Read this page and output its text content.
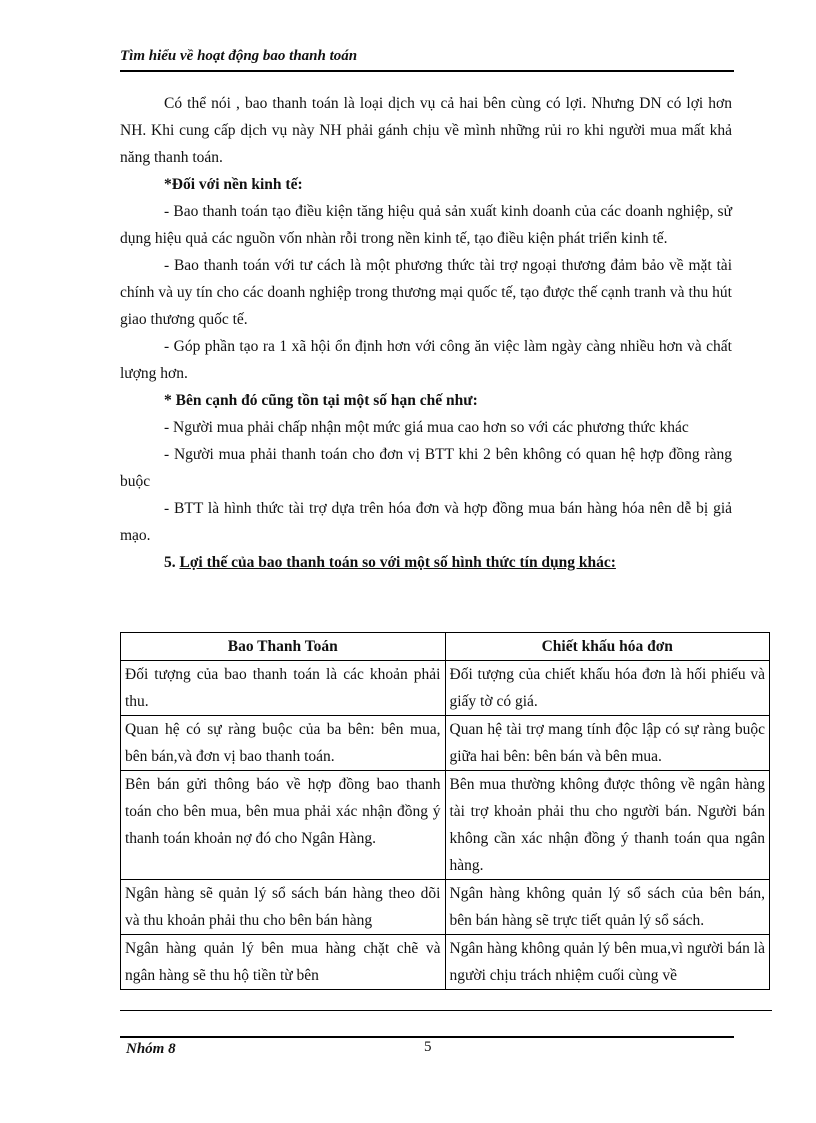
Tìm hiểu về hoạt động bao thanh toán

Có thể nói , bao thanh toán là loại dịch vụ cả hai bên cùng có lợi. Nhưng DN có lợi hơn NH. Khi cung cấp dịch vụ này NH phải gánh chịu về mình những rủi ro khi người mua mất khả năng thanh toán.

*Đối với nền kinh tế:

- Bao thanh toán tạo điều kiện tăng hiệu quả sản xuất kinh doanh của các doanh nghiệp, sử dụng hiệu quả các nguồn vốn nhàn rỗi trong nền kinh tế, tạo điều kiện phát triển kinh tế.

- Bao thanh toán với tư cách là một phương thức tài trợ ngoại thương đảm bảo về mặt tài chính và uy tín cho các doanh nghiệp trong thương mại quốc tế, tạo được thế cạnh tranh và thu hút giao thương quốc tế.

- Góp phần tạo ra 1 xã hội ổn định hơn với công ăn việc làm ngày càng nhiều hơn và chất lượng hơn.

* Bên cạnh đó cũng tồn tại một số hạn chế như:

- Người mua phải chấp nhận một mức giá mua cao hơn so với các phương thức khác

- Người mua phải thanh toán cho đơn vị BTT khi 2 bên không có quan hệ hợp đồng ràng buộc

- BTT là hình thức tài trợ dựa trên hóa đơn và hợp đồng mua bán hàng hóa nên dễ bị giả mạo.

5. Lợi thế của bao thanh toán so với một số hình thức tín dụng khác:

Bao Thanh Toán	Chiết khấu hóa đơn
Đối tượng của bao thanh toán là các khoản phải thu.	Đối tượng của chiết khấu hóa đơn là hối phiếu và giấy tờ có giá.
Quan hệ có sự ràng buộc của ba bên: bên mua, bên bán,và đơn vị bao thanh toán.	Quan hệ tài trợ mang tính độc lập có sự ràng buộc giữa hai bên: bên bán và bên mua.
Bên bán gửi thông báo về hợp đồng bao thanh toán cho bên mua, bên mua phải xác nhận đồng ý thanh toán khoản nợ đó cho Ngân Hàng.	Bên mua thường không được thông về ngân hàng tài trợ khoản phải thu cho người bán. Người bán không cần xác nhận đồng ý thanh toán qua ngân hàng.
Ngân hàng sẽ quản lý sổ sách bán hàng theo dõi và thu khoản phải thu cho bên bán hàng	Ngân hàng không quản lý sổ sách của bên bán, bên bán hàng sẽ trực tiết quản lý sổ sách.
Ngân hàng quản lý bên mua hàng chặt chẽ và ngân hàng sẽ thu hộ tiền từ bên	Ngân hàng không quản lý bên mua,vì người bán là người chịu trách nhiệm cuối cùng về
Nhóm 8	5
